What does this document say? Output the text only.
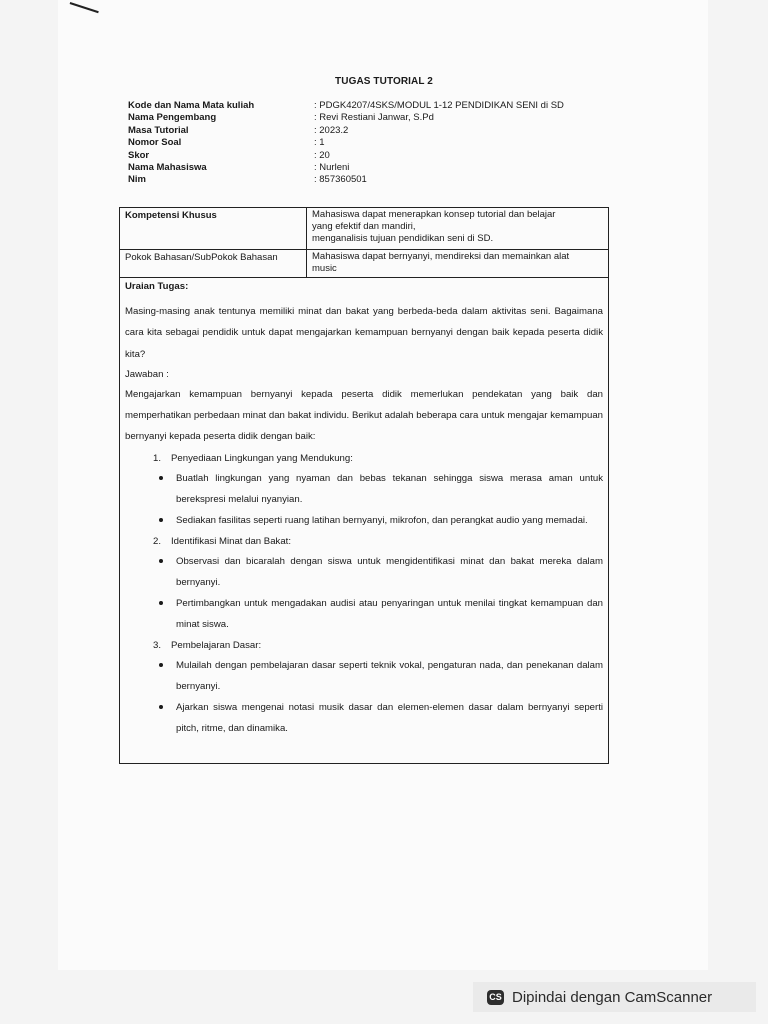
TUGAS TUTORIAL 2
Kode dan Nama Mata kuliah	: PDGK4207/4SKS/MODUL 1-12 PENDIDIKAN SENI di SD
Nama Pengembang	: Revi Restiani Janwar, S.Pd
Masa Tutorial	: 2023.2
Nomor Soal	: 1
Skor	: 20
Nama Mahasiswa	: Nurleni
Nim	: 857360501
Kompetensi Khusus	Mahasiswa dapat menerapkan konsep tutorial dan belajar
yang efektif dan mandiri,
menganalisis tujuan pendidikan seni di SD.
Pokok Bahasan/SubPokok Bahasan	Mahasiswa dapat bernyanyi, mendireksi dan memainkan alat
music
Uraian Tugas:
Masing-masing anak tentunya memiliki minat dan bakat yang berbeda-beda dalam aktivitas seni. Bagaimana cara kita sebagai pendidik untuk dapat mengajarkan kemampuan bernyanyi dengan baik kepada peserta didik kita?
Jawaban :
Mengajarkan kemampuan bernyanyi kepada peserta didik memerlukan pendekatan yang baik dan memperhatikan perbedaan minat dan bakat individu. Berikut adalah beberapa cara untuk mengajar kemampuan bernyanyi kepada peserta didik dengan baik:
1. Penyediaan Lingkungan yang Mendukung:
Buatlah lingkungan yang nyaman dan bebas tekanan sehingga siswa merasa aman untuk berekspresi melalui nyanyian.
Sediakan fasilitas seperti ruang latihan bernyanyi, mikrofon, dan perangkat audio yang memadai.
2. Identifikasi Minat dan Bakat:
Observasi dan bicaralah dengan siswa untuk mengidentifikasi minat dan bakat mereka dalam bernyanyi.
Pertimbangkan untuk mengadakan audisi atau penyaringan untuk menilai tingkat kemampuan dan minat siswa.
3. Pembelajaran Dasar:
Mulailah dengan pembelajaran dasar seperti teknik vokal, pengaturan nada, dan penekanan dalam bernyanyi.
Ajarkan siswa mengenai notasi musik dasar dan elemen-elemen dasar dalam bernyanyi seperti pitch, ritme, dan dinamika.
CS Dipindai dengan CamScanner
